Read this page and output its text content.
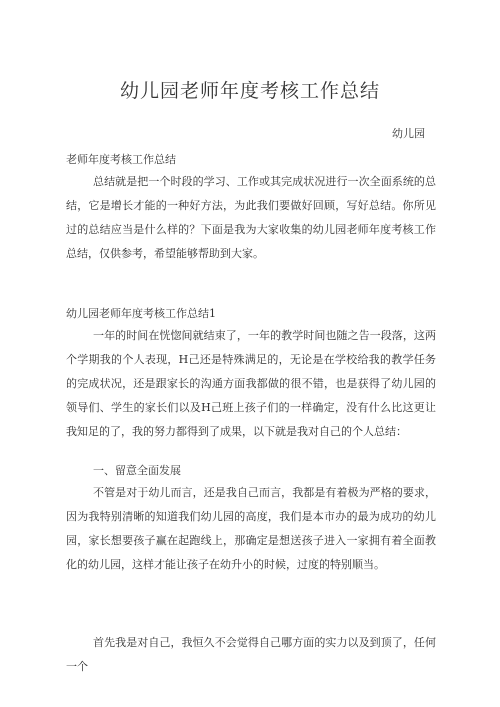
幼儿园老师年度考核工作总结
幼儿园
老师年度考核工作总结

总结就是把一个时段的学习、工作或其完成状况进行一次全面系统的总结，它是增长才能的一种好方法，为此我们要做好回顾，写好总结。你所见过的总结应当是什么样的？下面是我为大家收集的幼儿园老师年度考核工作总结，仅供参考，希望能够帮助到大家。

幼儿园老师年度考核工作总结1

一年的时间在恍惚间就结束了，一年的教学时间也随之告一段落，这两个学期我的个人表现，H己还是特殊满足的，无论是在学校给我的教学任务的完成状况，还是跟家长的沟通方面我都做的很不错，也是获得了幼儿园的领导们、学生的家长们以及H己班上孩子们的一样确定，没有什么比这更让我知足的了，我的努力都得到了成果，以下就是我对自己的个人总结：

一、留意全面发展

不管是对于幼儿而言，还是我自己而言，我都是有着极为严格的要求，因为我特别清晰的知道我们幼儿园的高度，我们是本市办的最为成功的幼儿园，家长想要孩子赢在起跑线上，那确定是想送孩子进入一家拥有着全面教化的幼儿园，这样才能让孩子在幼升小的时候，过度的特别顺当。

首先我是对自己，我恒久不会觉得自己哪方面的实力以及到顶了，任何一个
